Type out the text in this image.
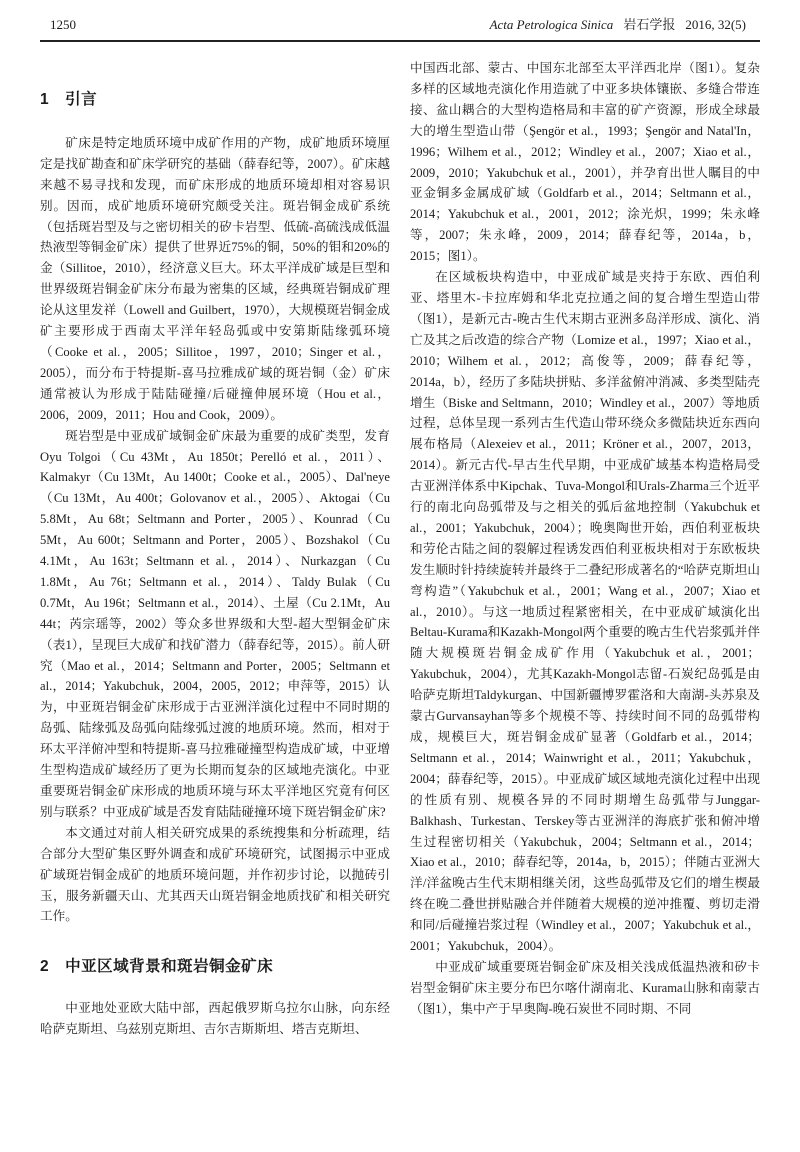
1250	Acta Petrologica Sinica 岩石学报 2016, 32(5)
1　引言

矿床是特定地质环境中成矿作用的产物，成矿地质环境厘定是找矿勘查和矿床学研究的基础（薛春纪等，2007）。矿床越来越不易寻找和发现，而矿床形成的地质环境却相对容易识别。因而，成矿地质环境研究颇受关注。斑岩铜金成矿系统（包括斑岩型及与之密切相关的矽卡岩型、低硫-高硫浅成低温热液型等铜金矿床）提供了世界近75%的铜，50%的钼和20%的金（Sillitoe，2010），经济意义巨大。环太平洋成矿域是巨型和世界级斑岩铜金矿床分布最为密集的区域，经典斑岩铜成矿理论从这里发祥（Lowell and Guilbert，1970），大规模斑岩铜金成矿主要形成于西南太平洋年轻岛弧或中安第斯陆缘弧环境（Cooke et al.，2005；Sillitoe，1997，2010；Singer et al.，2005），而分布于特提斯-喜马拉雅成矿域的斑岩铜（金）矿床通常被认为形成于陆陆碰撞/后碰撞伸展环境（Hou et al.，2006，2009，2011；Hou and Cook，2009）。

斑岩型是中亚成矿域铜金矿床最为重要的成矿类型，发育Oyu Tolgoi（Cu 43Mt，Au 1850t；Perelló et al.，2011）、Kalmakyr（Cu 13Mt，Au 1400t；Cooke et al.，2005）、Dal'neye（Cu 13Mt，Au 400t；Golovanov et al.，2005）、Aktogai（Cu 5.8Mt，Au 68t；Seltmann and Porter，2005）、Kounrad（Cu 5Mt，Au 600t；Seltmann and Porter，2005）、Bozshakol（Cu 4.1Mt，Au 163t；Seltmann et al.，2014）、Nurkazgan（Cu 1.8Mt，Au 76t；Seltmann et al.，2014）、Taldy Bulak（Cu 0.7Mt，Au 196t；Seltmann et al.，2014）、土屋（Cu 2.1Mt，Au 44t；芮宗瑶等，2002）等众多世界级和大型-超大型铜金矿床（表1），呈现巨大成矿和找矿潜力（薛春纪等，2015）。前人研究（Mao et al.，2014；Seltmann and Porter，2005；Seltmann et al.，2014；Yakubchuk，2004，2005，2012；申萍等，2015）认为，中亚斑岩铜金矿床形成于古亚洲洋演化过程中不同时期的岛弧、陆缘弧及岛弧向陆缘弧过渡的地质环境。然而，相对于环太平洋俯冲型和特提斯-喜马拉雅碰撞型构造成矿域，中亚增生型构造成矿域经历了更为长期而复杂的区域地壳演化。中亚重要斑岩铜金矿床形成的地质环境与环太平洋地区究竟有何区别与联系？中亚成矿域是否发育陆陆碰撞环境下斑岩铜金矿床?

本文通过对前人相关研究成果的系统搜集和分析疏理，结合部分大型矿集区野外调查和成矿环境研究，试图揭示中亚成矿域斑岩铜金成矿的地质环境问题，并作初步讨论，以抛砖引玉，服务新疆天山、尤其西天山斑岩铜金地质找矿和相关研究工作。

2　中亚区域背景和斑岩铜金矿床

中亚地处亚欧大陆中部，西起俄罗斯乌拉尔山脉，向东经哈萨克斯坦、乌兹别克斯坦、吉尔吉斯斯坦、塔吉克斯坦、

中国西北部、蒙古、中国东北部至太平洋西北岸（图1）。复杂多样的区域地壳演化作用造就了中亚多块体镶嵌、多缝合带连接、盆山耦合的大型构造格局和丰富的矿产资源，形成全球最大的增生型造山带（Şengör et al.，1993；Şengör and Natal'In，1996；Wilhem et al.，2012；Windley et al.，2007；Xiao et al.，2009，2010；Yakubchuk et al.，2001），并孕育出世人瞩目的中亚金铜多金属成矿域（Goldfarb et al.，2014；Seltmann et al.，2014；Yakubchuk et al.，2001，2012；涂光炽，1999；朱永峰等，2007；朱永峰，2009，2014；薛春纪等，2014a，b，2015；图1）。

在区域板块构造中，中亚成矿域是夹持于东欧、西伯利亚、塔里木-卡拉库姆和华北克拉通之间的复合增生型造山带（图1），是新元古-晚古生代末期古亚洲多岛洋形成、演化、消亡及其之后改造的综合产物（Lomize et al.，1997；Xiao et al.，2010；Wilhem et al.，2012；高俊等，2009；薛春纪等，2014a，b），经历了多陆块拼贴、多洋盆俯冲消减、多类型陆壳增生（Biske and Seltmann，2010；Windley et al.，2007）等地质过程，总体呈现一系列古生代造山带环绕众多微陆块近东西向展布格局（Alexeiev et al.，2011；Kröner et al.，2007，2013，2014）。新元古代-早古生代早期，中亚成矿域基本构造格局受古亚洲洋体系中Kipchak、Tuva-Mongol和Urals-Zharma三个近平行的南北向岛弧带及与之相关的弧后盆地控制（Yakubchuk et al.，2001；Yakubchuk，2004）；晚奥陶世开始，西伯利亚板块和劳伦古陆之间的裂解过程诱发西伯利亚板块相对于东欧板块发生顺时针持续旋转并最终于二叠纪形成著名的“哈萨克斯坦山弯构造”（Yakubchuk et al.，2001；Wang et al.，2007；Xiao et al.，2010）。与这一地质过程紧密相关，在中亚成矿域演化出Beltau-Kurama和Kazakh-Mongol两个重要的晚古生代岩浆弧并伴随大规模斑岩铜金成矿作用（Yakubchuk et al.，2001；Yakubchuk，2004），尤其Kazakh-Mongol志留-石炭纪岛弧是由哈萨克斯坦Taldykurgan、中国新疆博罗霍洛和大南湖-头苏泉及蒙古Gurvansayhan等多个规模不等、持续时间不同的岛弧带构成，规模巨大，斑岩铜金成矿显著（Goldfarb et al.，2014；Seltmann et al.，2014；Wainwright et al.，2011；Yakubchuk，2004；薛春纪等，2015）。中亚成矿域区域地壳演化过程中出现的性质有别、规模各异的不同时期增生岛弧带与Junggar-Balkhash、Turkestan、Terskey等古亚洲洋的海底扩张和俯冲增生过程密切相关（Yakubchuk，2004；Seltmann et al.，2014；Xiao et al.，2010；薛春纪等，2014a，b，2015）；伴随古亚洲大洋/洋盆晚古生代末期相继关闭，这些岛弧带及它们的增生楔最终在晚二叠世拼贴融合并伴随着大规模的逆冲推覆、剪切走滑和同/后碰撞岩浆过程（Windley et al.，2007；Yakubchuk et al.，2001；Yakubchuk，2004）。

中亚成矿域重要斑岩铜金矿床及相关浅成低温热液和矽卡岩型金铜矿床主要分布巴尔喀什湖南北、Kurama山脉和南蒙古（图1），集中产于早奥陶-晚石炭世不同时期、不同
